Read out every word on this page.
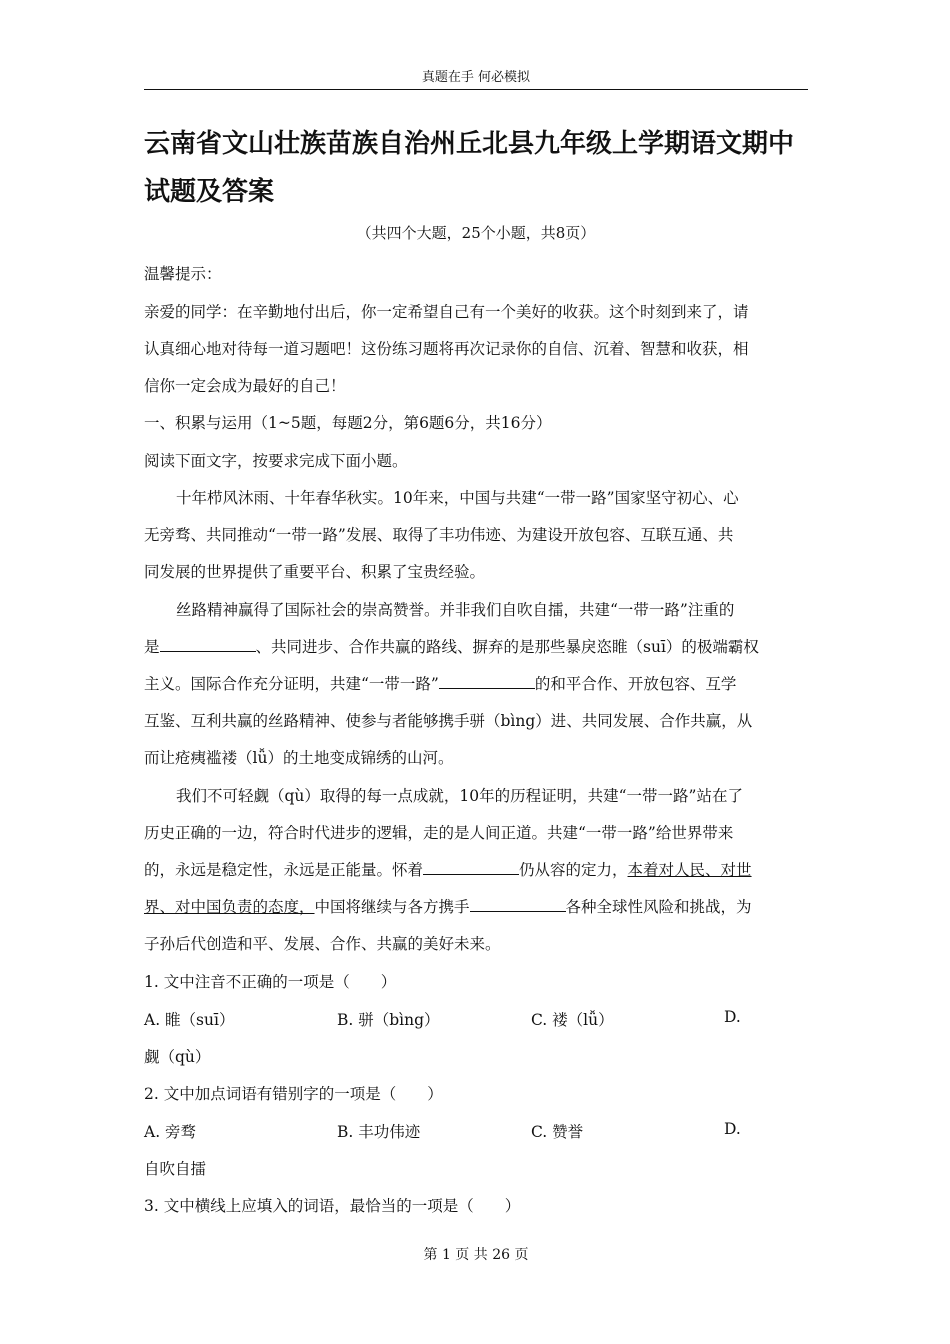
真题在手 何必模拟
云南省文山壮族苗族自治州丘北县九年级上学期语文期中试题及答案
（共四个大题，25个小题，共8页）
温馨提示：
亲爱的同学：在辛勤地付出后，你一定希望自己有一个美好的收获。这个时刻到来了，请
认真细心地对待每一道习题吧！这份练习题将再次记录你的自信、沉着、智慧和收获，相
信你一定会成为最好的自己！
一、积累与运用（1~5题，每题2分，第6题6分，共16分）
阅读下面文字，按要求完成下面小题。
十年栉风沐雨、十年春华秋实。10年来，中国与共建“一带一路”国家坚守初心、心
无旁骛、共同推动“一带一路”发展、取得了丰功伟迹、为建设开放包容、互联互通、共
同发展的世界提供了重要平台、积累了宝贵经验。
丝路精神赢得了国际社会的崇高赞誉。并非我们自吹自擂，共建“一带一路”注重的
是	、共同进步、合作共赢的路线、摒弃的是那些暴戾恣睢（suī）的极端霸权
主义。国际合作充分证明，共建“一带一路”	的和平合作、开放包容、互学
互鉴、互利共赢的丝路精神、使参与者能够携手骈（bìng）进、共同发展、合作共赢，从
而让疮痍褴褛（lǚ）的土地变成锦绣的山河。
我们不可轻觑（qù）取得的每一点成就，10年的历程证明，共建“一带一路”站在了
历史正确的一边，符合时代进步的逻辑，走的是人间正道。共建“一带一路”给世界带来
的，永远是稳定性，永远是正能量。怀着	仍从容的定力，本着对人民、对世
界、对中国负责的态度，中国将继续与各方携手	各种全球性风险和挑战，为
子孙后代创造和平、发展、合作、共赢的美好未来。
1. 文中注音不正确的一项是（　　）
A. 睢（suī）	B. 骈（bìng）	C. 褛（lǚ）	D.
觑（qù）
2. 文中加点词语有错别字的一项是（　　）
A. 旁骛	B. 丰功伟迹	C. 赞誉	D.
自吹自擂
3. 文中横线上应填入的词语，最恰当的一项是（　　）
第 1 页 共 26 页
